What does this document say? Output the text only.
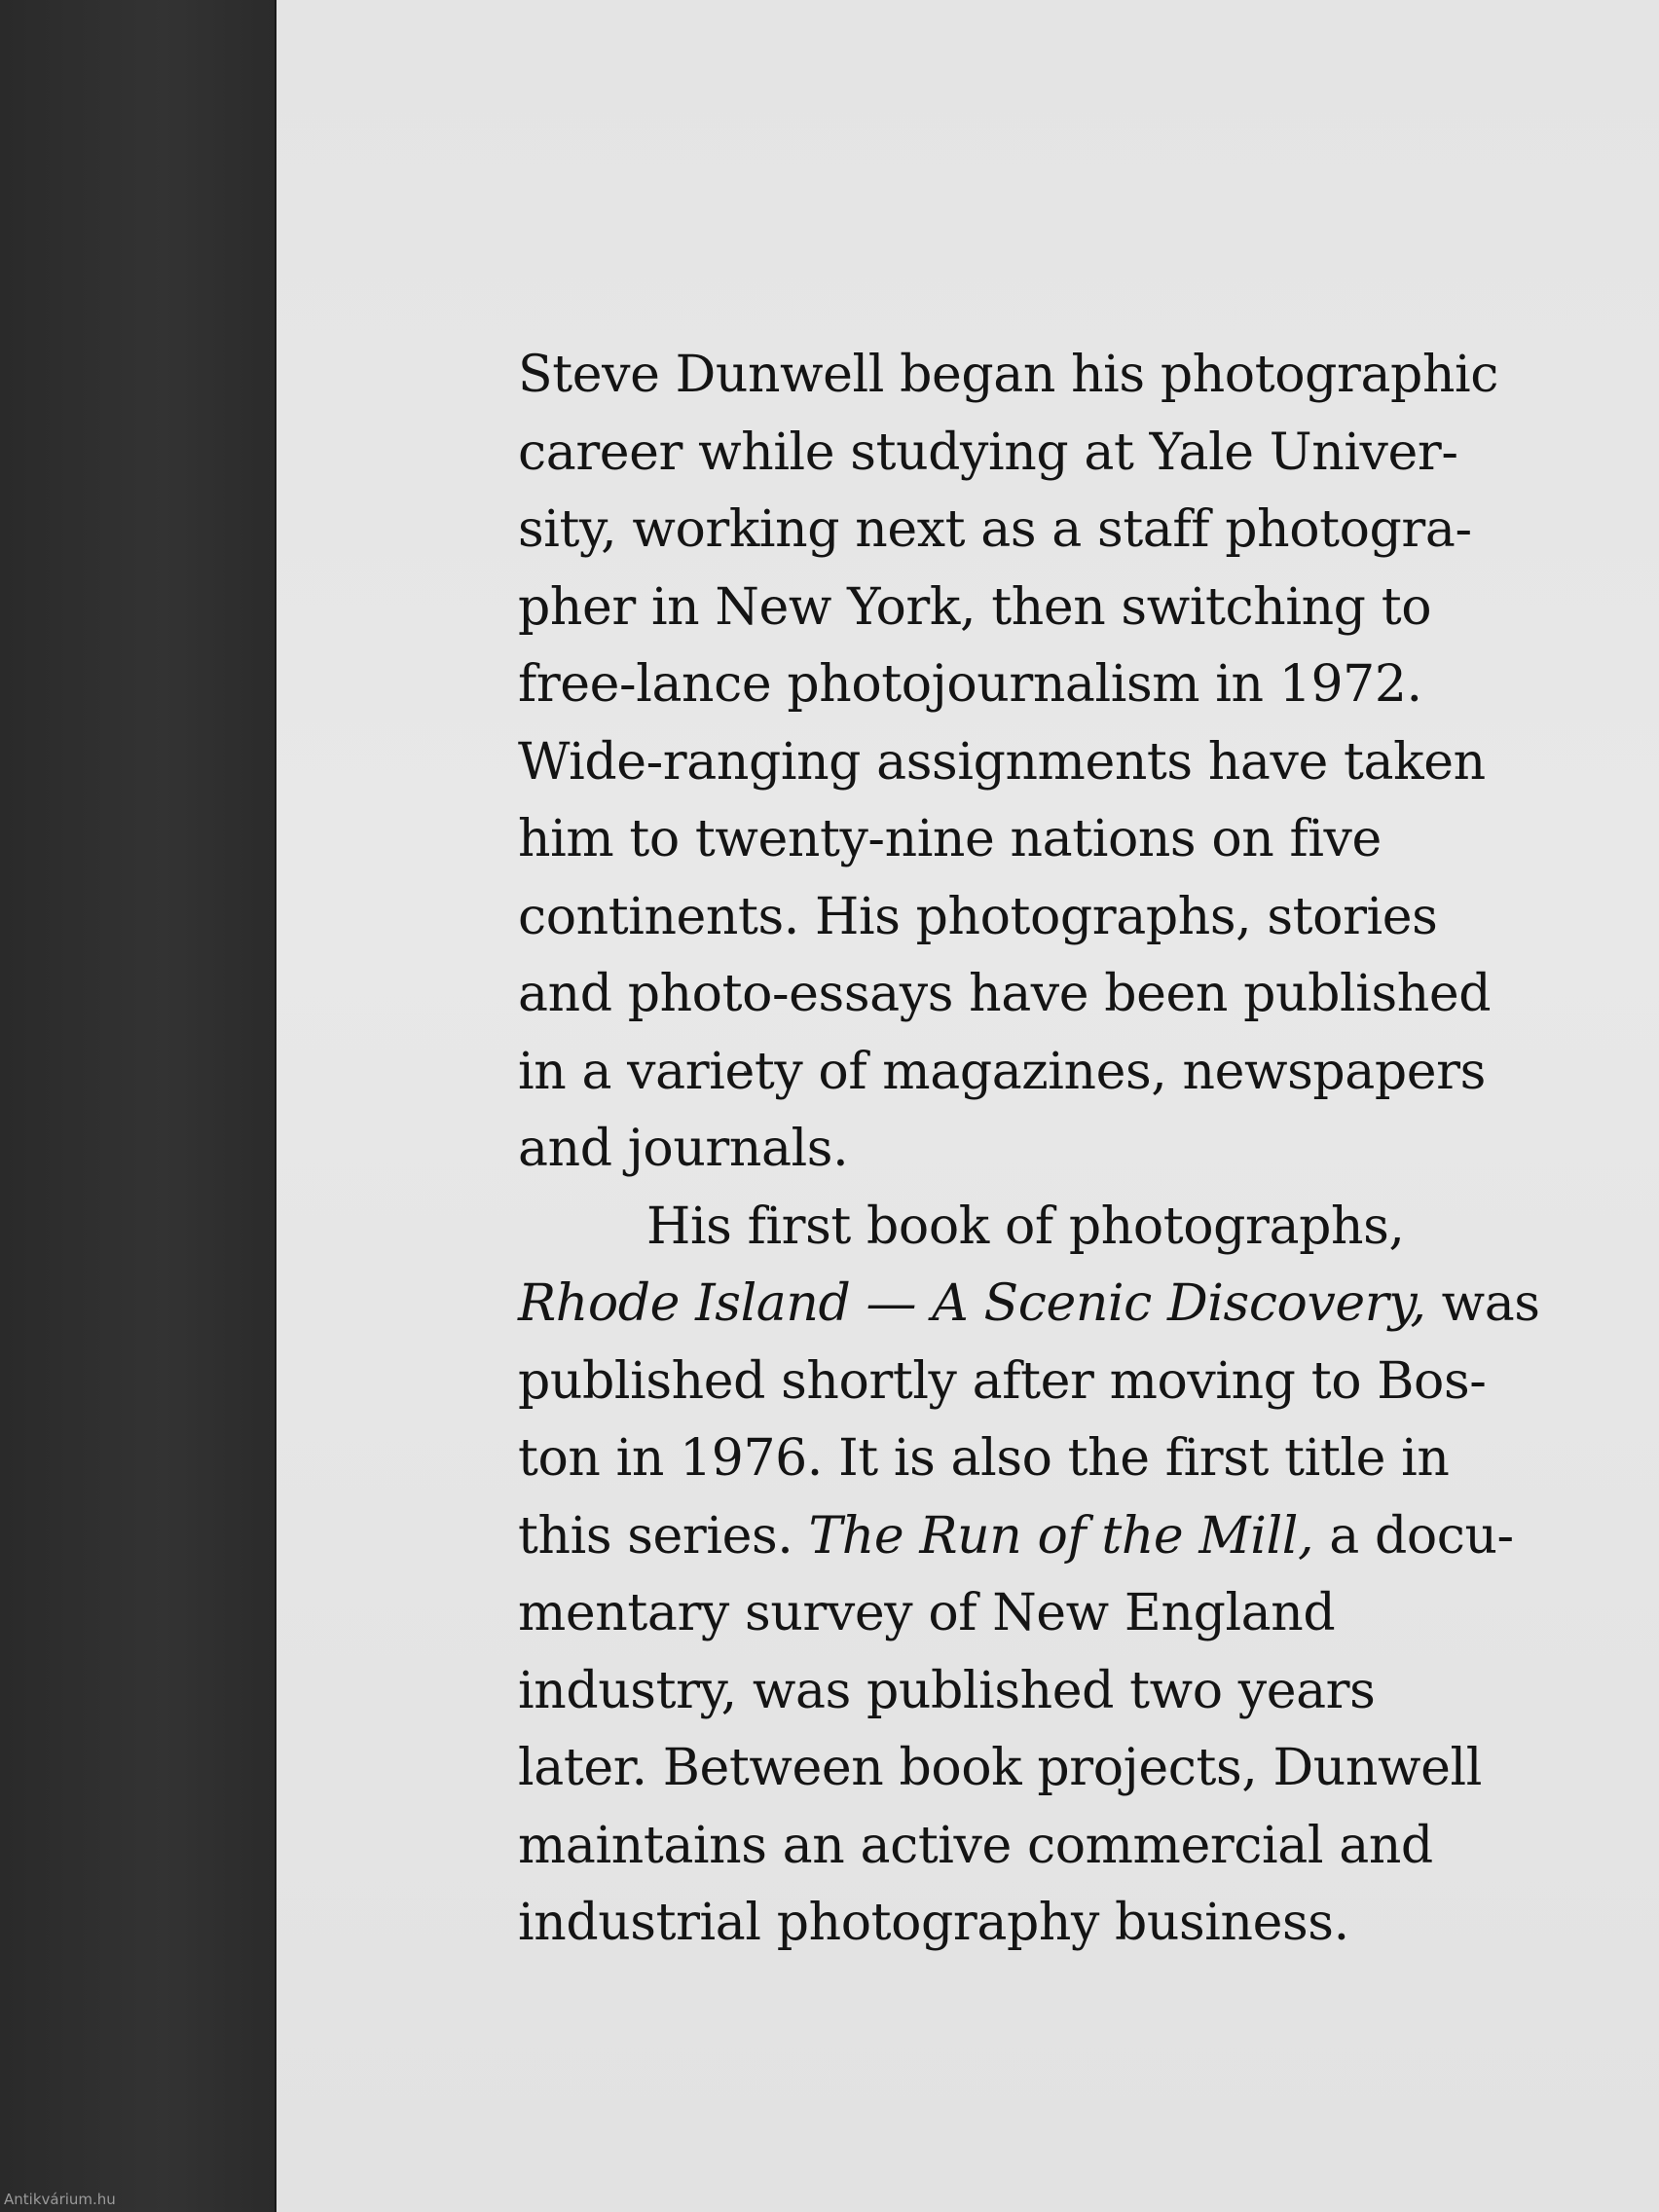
Steve Dunwell began his photographic
career while studying at Yale Univer-
sity, working next as a staff photogra-
pher in New York, then switching to
free-lance photojournalism in 1972.
Wide-ranging assignments have taken
him to twenty-nine nations on five
continents. His photographs, stories
and photo-essays have been published
in a variety of magazines, newspapers
and journals.
His first book of photographs,
Rhode Island — A Scenic Discovery, was
published shortly after moving to Bos-
ton in 1976. It is also the first title in
this series. The Run of the Mill, a docu-
mentary survey of New England
industry, was published two years
later. Between book projects, Dunwell
maintains an active commercial and
industrial photography business.
Antikvárium.hu
